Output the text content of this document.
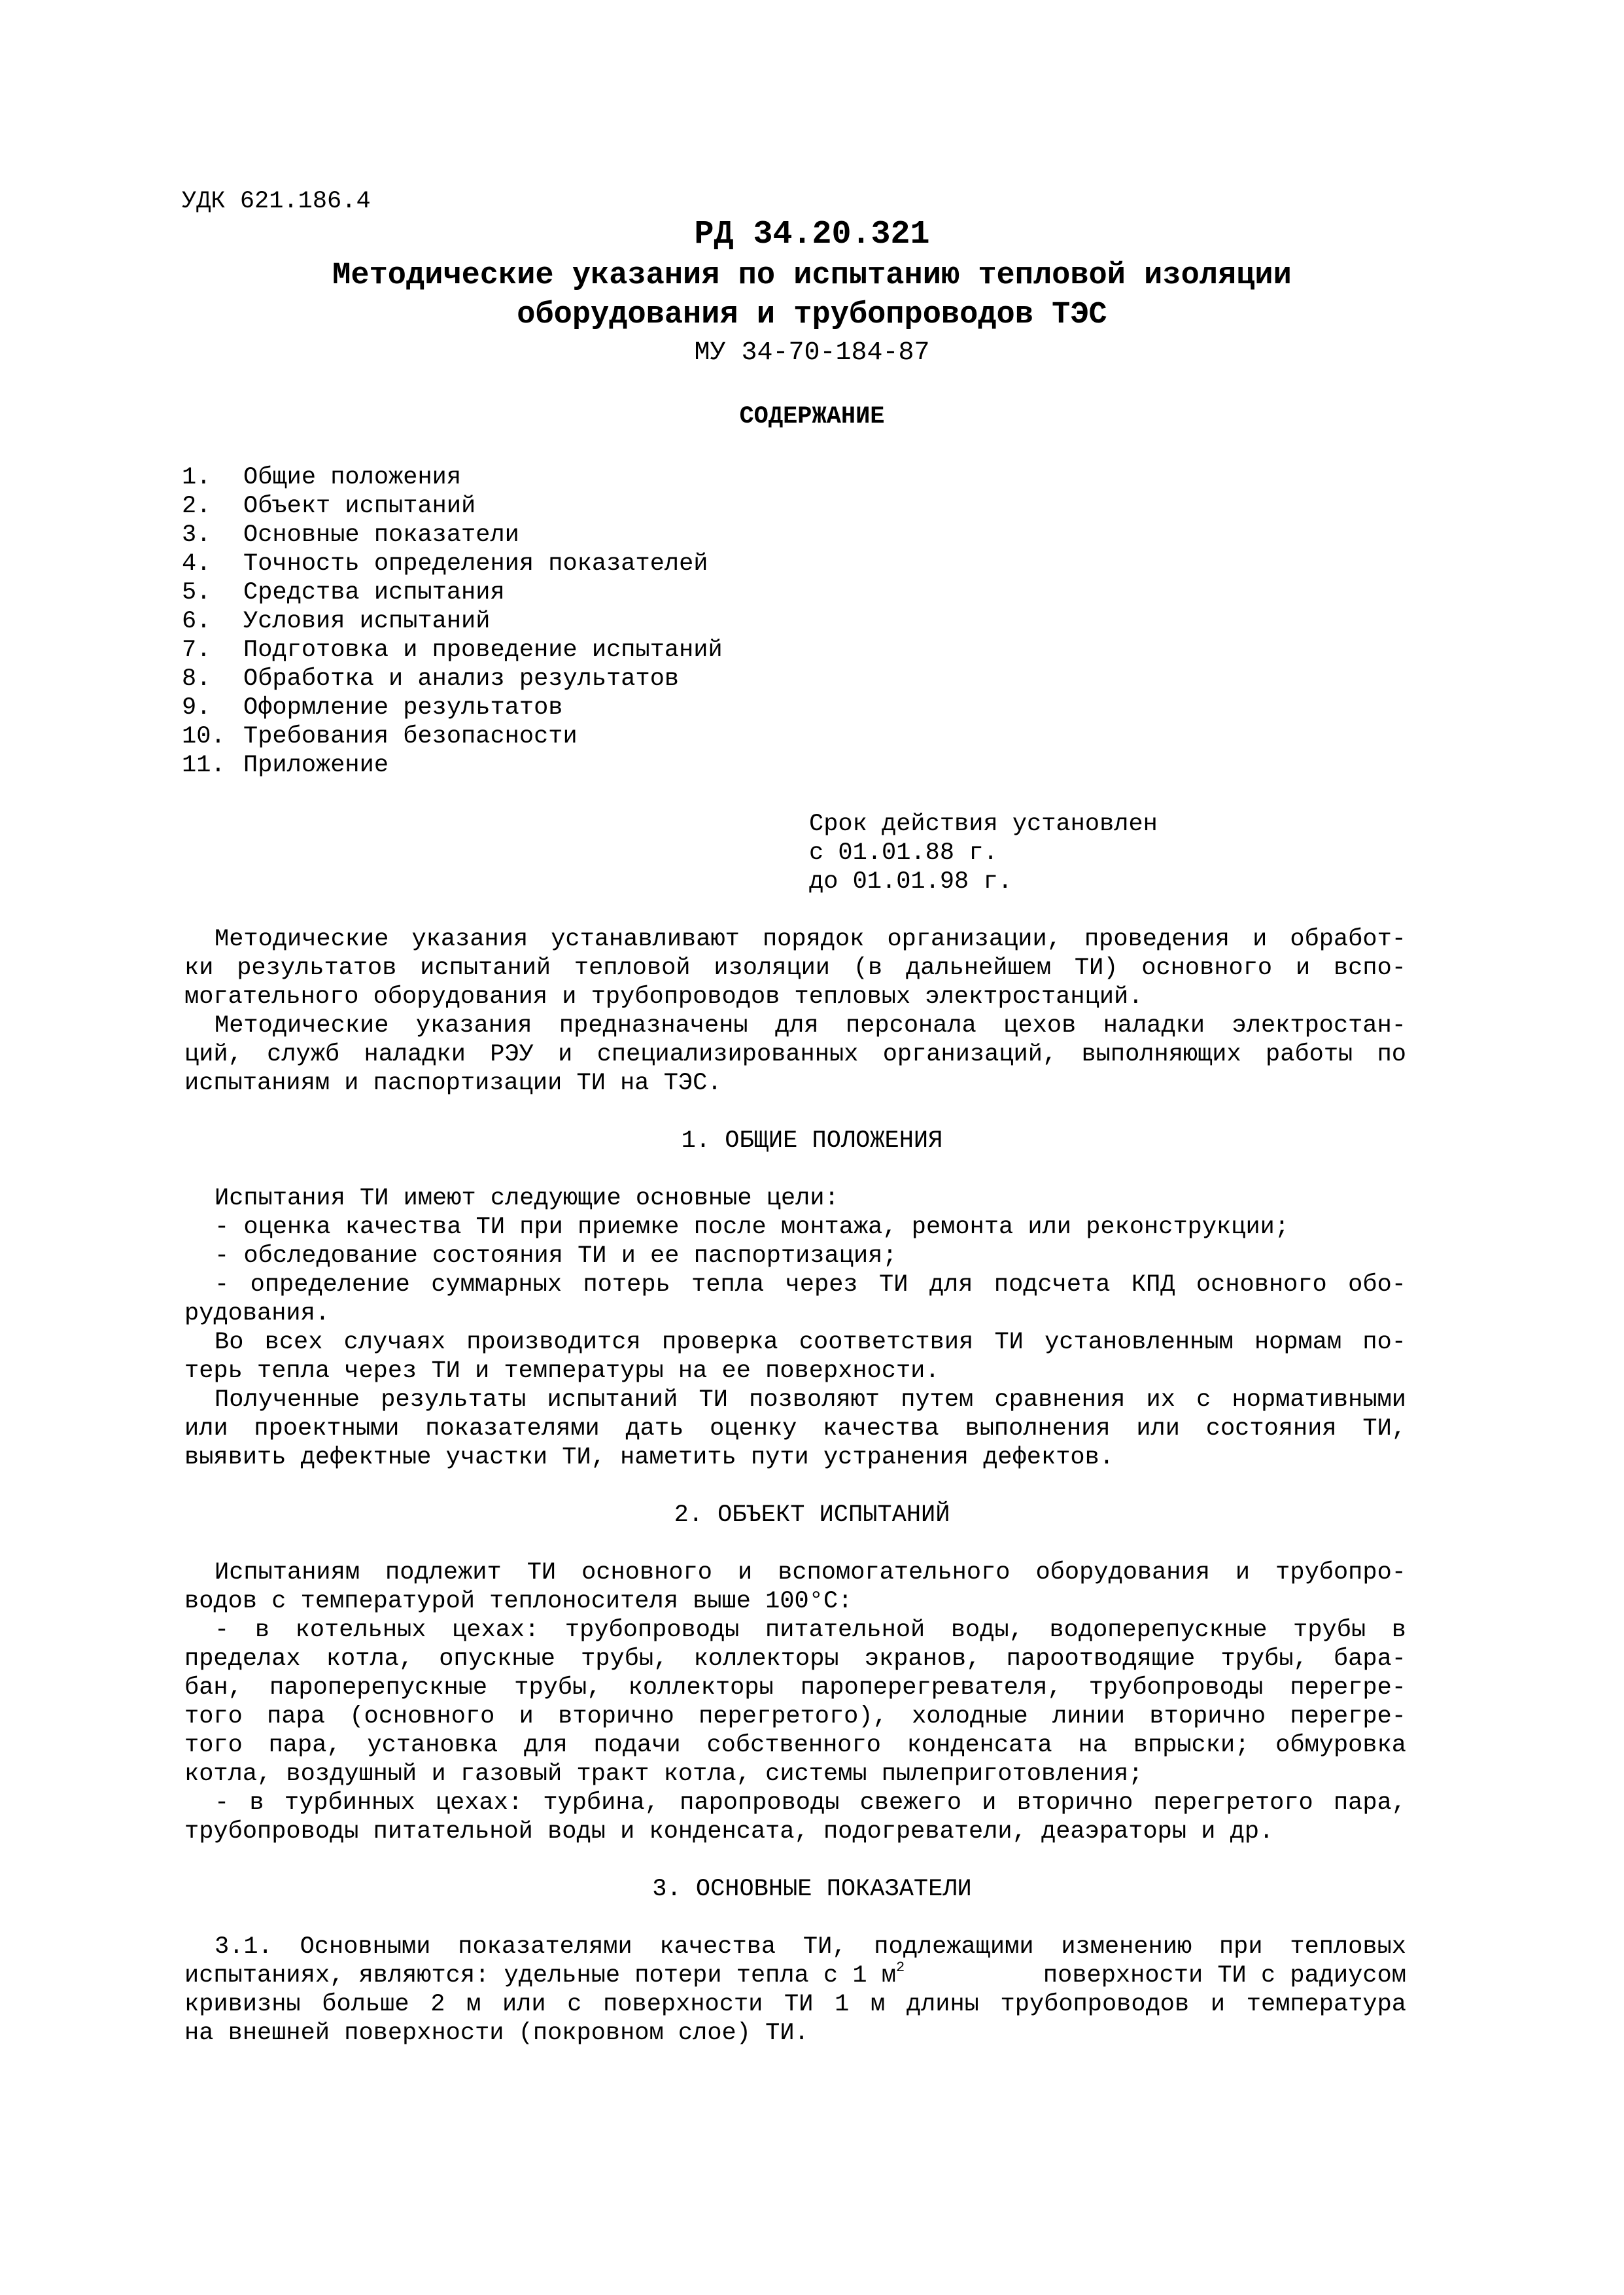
УДК 621.186.4
РД 34.20.321
Методические указания по испытанию тепловой изоляции
оборудования и трубопроводов ТЭС
МУ 34-70-184-87
СОДЕРЖАНИЕ
1. Общие положения
2. Объект испытаний
3. Основные показатели
4. Точность определения показателей
5. Средства испытания
6. Условия испытаний
7. Подготовка и проведение испытаний
8. Обработка и анализ результатов
9. Оформление результатов
10. Требования безопасности
11. Приложение
Срок действия установлен
с 01.01.88 г.
до 01.01.98 г.
Методические указания устанавливают порядок организации, проведения и обработ-
ки результатов испытаний тепловой изоляции (в дальнейшем ТИ) основного и вспо-
могательного оборудования и трубопроводов тепловых электростанций.
Методические указания предназначены для персонала цехов наладки электростан-
ций, служб наладки РЭУ и специализированных организаций, выполняющих работы по
испытаниям и паспортизации ТИ на ТЭС.
1. ОБЩИЕ ПОЛОЖЕНИЯ
Испытания ТИ имеют следующие основные цели:
- оценка качества ТИ при приемке после монтажа, ремонта или реконструкции;
- обследование состояния ТИ и ее паспортизация;
- определение суммарных потерь тепла через ТИ для подсчета КПД основного обо-
рудования.
Во всех случаях производится проверка соответствия ТИ установленным нормам по-
терь тепла через ТИ и температуры на ее поверхности.
Полученные результаты испытаний ТИ позволяют путем сравнения их с нормативными
или проектными показателями дать оценку качества выполнения или состояния ТИ,
выявить дефектные участки ТИ, наметить пути устранения дефектов.
2. ОБЪЕКТ ИСПЫТАНИЙ
Испытаниям подлежит ТИ основного и вспомогательного оборудования и трубопро-
водов с температурой теплоносителя выше 100°С:
- в котельных цехах: трубопроводы питательной воды, водоперепускные трубы в
пределах котла, опускные трубы, коллекторы экранов, пароотводящие трубы, бара-
бан, пароперепускные трубы, коллекторы пароперегревателя, трубопроводы перегре-
того пара (основного и вторично перегретого), холодные линии вторично перегре-
того пара, установка для подачи собственного конденсата на впрыски; обмуровка
котла, воздушный и газовый тракт котла, системы пылеприготовления;
- в турбинных цехах: турбина, паропроводы свежего и вторично перегретого пара,
трубопроводы питательной воды и конденсата, подогреватели, деаэраторы и др.
3. ОСНОВНЫЕ ПОКАЗАТЕЛИ
3.1. Основными показателями качества ТИ, подлежащими изменению при тепловых
испытаниях, являются: удельные потери тепла с 1 $м^2$	поверхности ТИ с радиусом
кривизны больше 2 м или с поверхности ТИ 1 м длины трубопроводов и температура
на внешней поверхности (покровном слое) ТИ.
